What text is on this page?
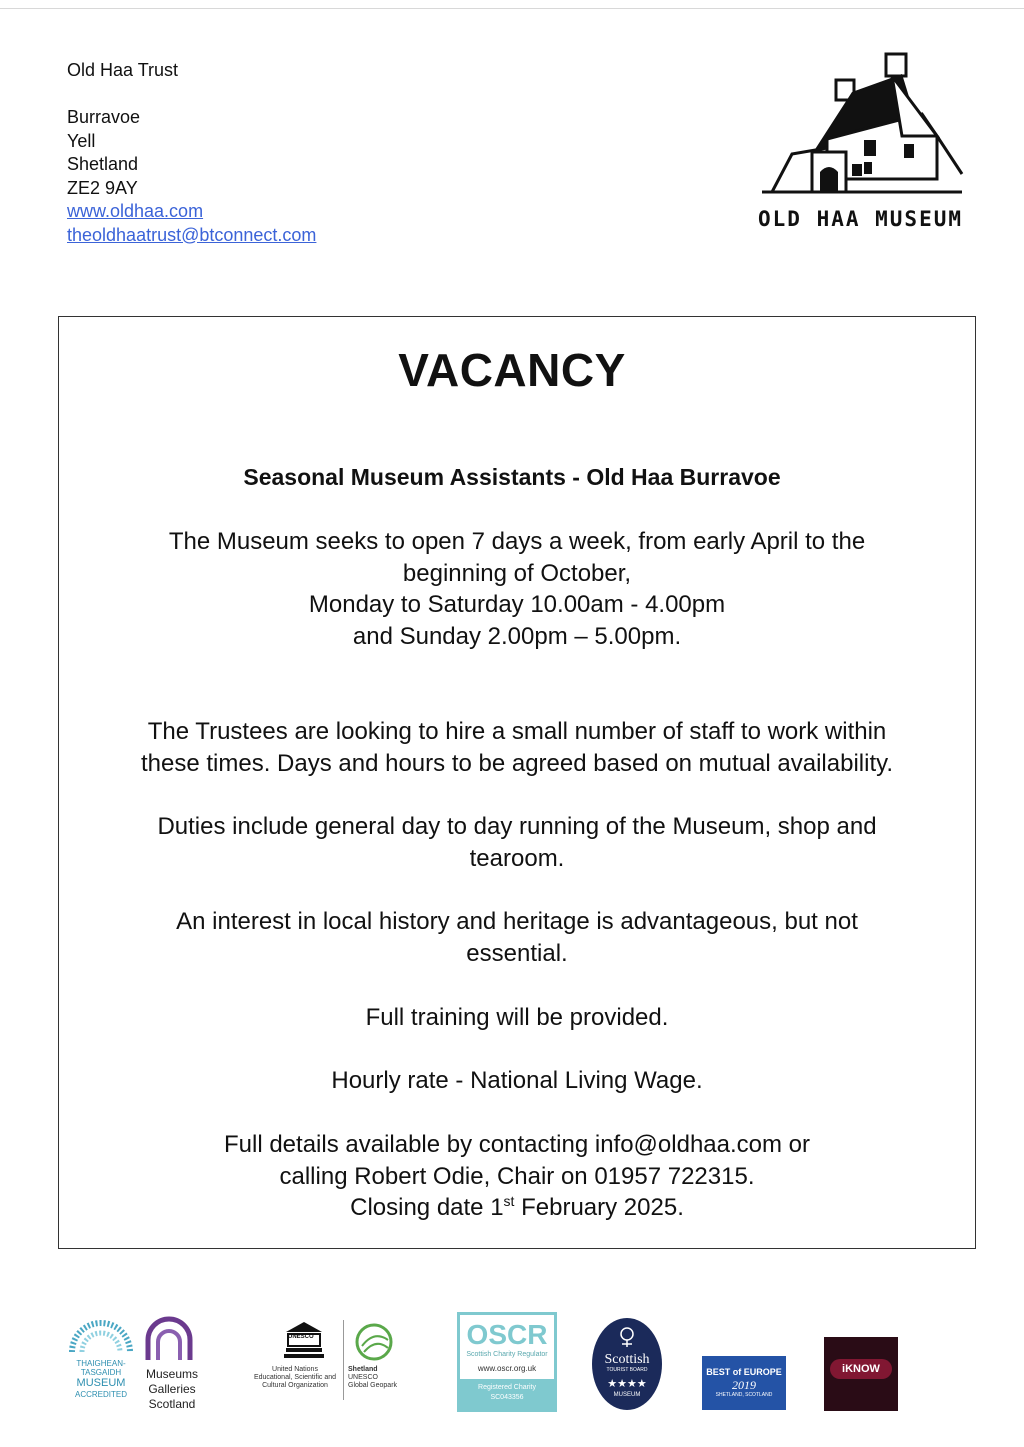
Old Haa Trust
Burravoe
Yell
Shetland
ZE2 9AY
www.oldhaa.com
theoldhaatrust@btconnect.com
OLD HAA MUSEUM
VACANCY
Seasonal Museum Assistants - Old Haa Burravoe
The Museum seeks to open 7 days a week, from early April to the
beginning of October,
Monday to Saturday 10.00am - 4.00pm
and Sunday 2.00pm – 5.00pm.
The Trustees are looking to hire a small number of staff to work within
these times. Days and hours to be agreed based on mutual availability.
Duties include general day to day running of the Museum, shop and
tearoom.
An interest in local history and heritage is advantageous, but not
essential.
Full training will be provided.
Hourly rate - National Living Wage.
Full details available by contacting info@oldhaa.com or
calling Robert Odie, Chair on 01957 722315.
Closing date 1st February 2025.
THAIGHEAN-TASGAIDH
MUSEUM
ACCREDITED
Museums
Galleries
Scotland
UNESCO
United Nations
Educational, Scientific and
Cultural Organization
Shetland
UNESCO
Global Geopark
OSCR
Scottish Charity Regulator
www.oscr.org.uk
Registered Charity
SC043356
Scottish
TOURIST BOARD
★★★★
MUSEUM
BEST of EUROPE
2019
SHETLAND, SCOTLAND
iKNOW
